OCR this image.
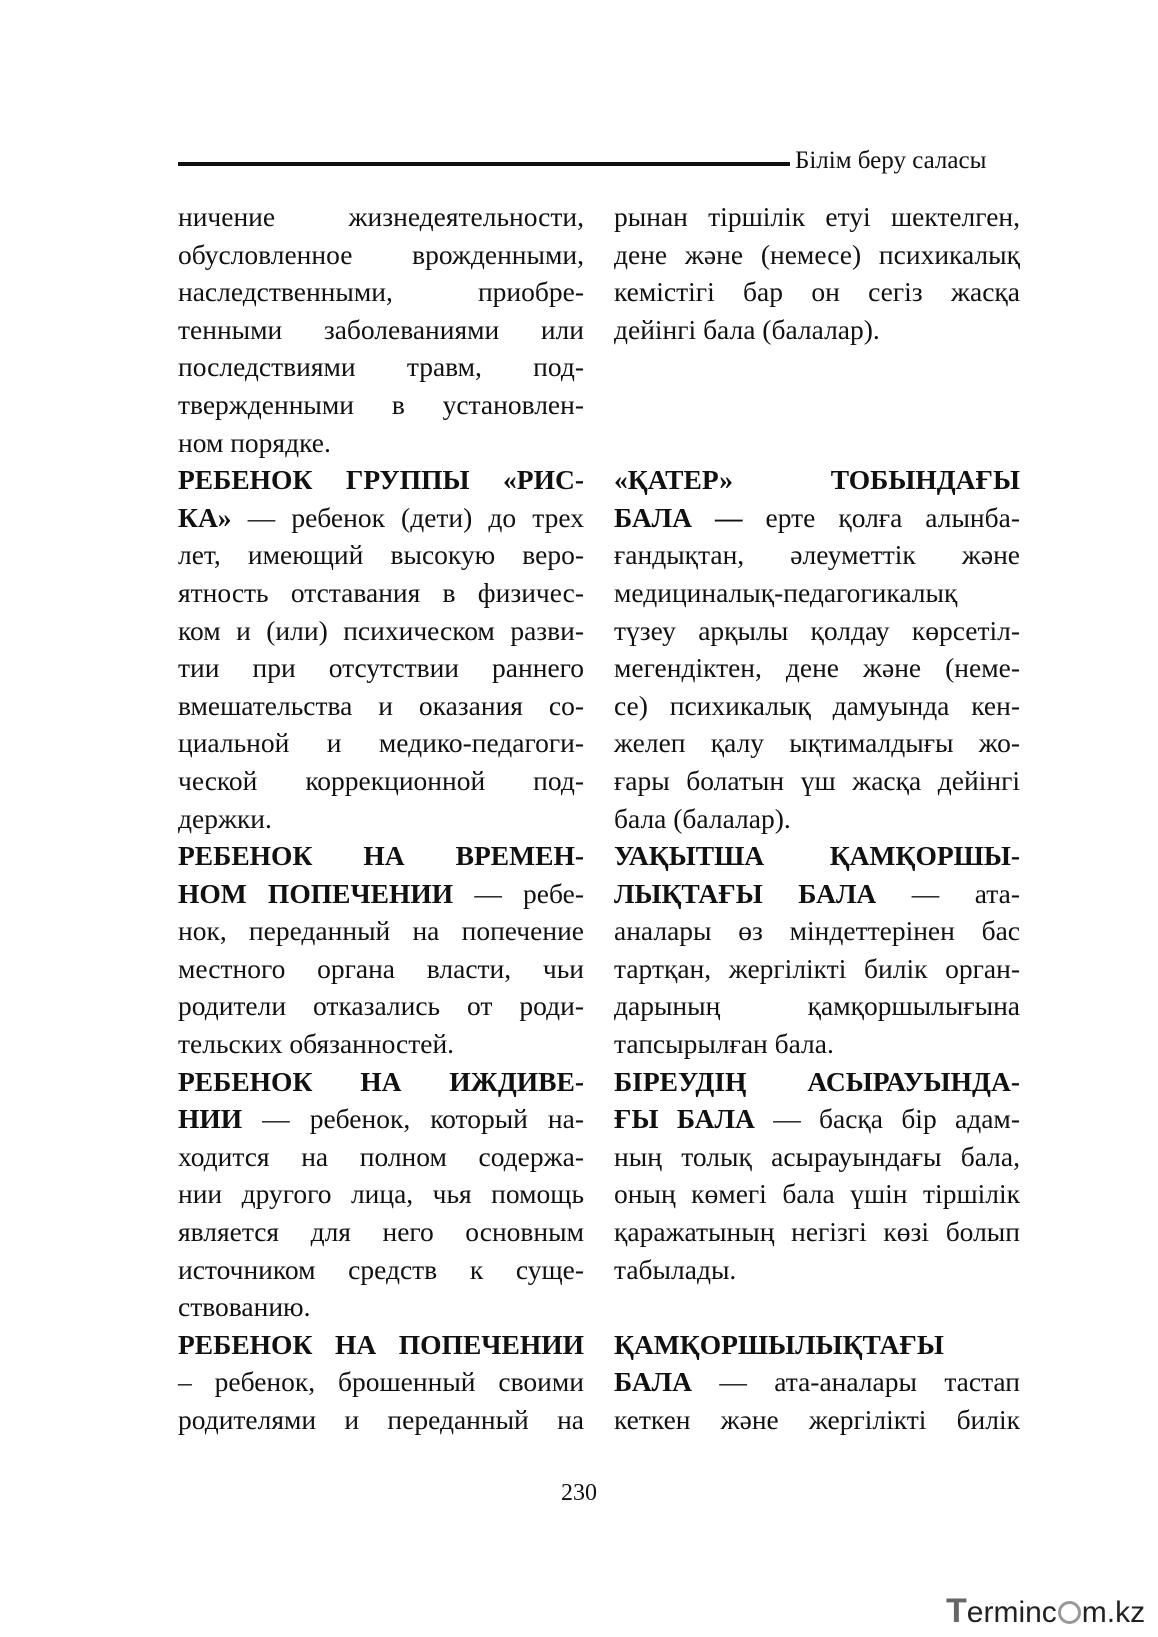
Білім беру саласы
ничение жизнедеятельности,
обусловленное врожденными,
наследственными, приобре-
тенными заболеваниями или
последствиями травм, под-
твержденными в установлен-
ном порядке.
РЕБЕНОК ГРУППЫ «РИС-
КА» — ребенок (дети) до трех
лет, имеющий высокую веро-
ятность отставания в физичес-
ком и (или) психическом разви-
тии при отсутствии раннего
вмешательства и оказания со-
циальной и медико-педагоги-
ческой коррекционной под-
держки.
РЕБЕНОК НА ВРЕМЕН-
НОМ ПОПЕЧЕНИИ — ребе-
нок, переданный на попечение
местного органа власти, чьи
родители отказались от роди-
тельских обязанностей.
РЕБЕНОК НА ИЖДИВЕ-
НИИ — ребенок, который на-
ходится на полном содержа-
нии другого лица, чья помощь
является для него основным
источником средств к суще-
ствованию.
РЕБЕНОК НА ПОПЕЧЕНИИ
– ребенок, брошенный своими
родителями и переданный на
рынан тіршілік етуі шектелген,
дене және (немесе) психикалық
кемістігі бар он сегіз жасқа
дейінгі бала (балалар).
«ҚАТЕР» ТОБЫНДАҒЫ
БАЛА — ерте қолға алынба-
ғандықтан, әлеуметтік және
медициналық-педагогикалық
түзеу арқылы қолдау көрсетіл-
мегендіктен, дене және (неме-
се) психикалық дамуында кен-
желеп қалу ықтималдығы жо-
ғары болатын үш жасқа дейінгі
бала (балалар).
УАҚЫТША ҚАМҚОРШЫ-
ЛЫҚТАҒЫ БАЛА — ата-
аналары өз міндеттерінен бас
тартқан, жергілікті билік орган-
дарының қамқоршылығына
тапсырылған бала.
БІРЕУДІҢ АСЫРАУЫНДА-
ҒЫ БАЛА — басқа бір адам-
ның толық асырауындағы бала,
оның көмегі бала үшін тіршілік
қаражатының негізгі көзі болып
табылады.
ҚАМҚОРШЫЛЫҚТАҒЫ
БАЛА — ата-аналары тастап
кеткен және жергілікті билік
230
Terminc m.kz
